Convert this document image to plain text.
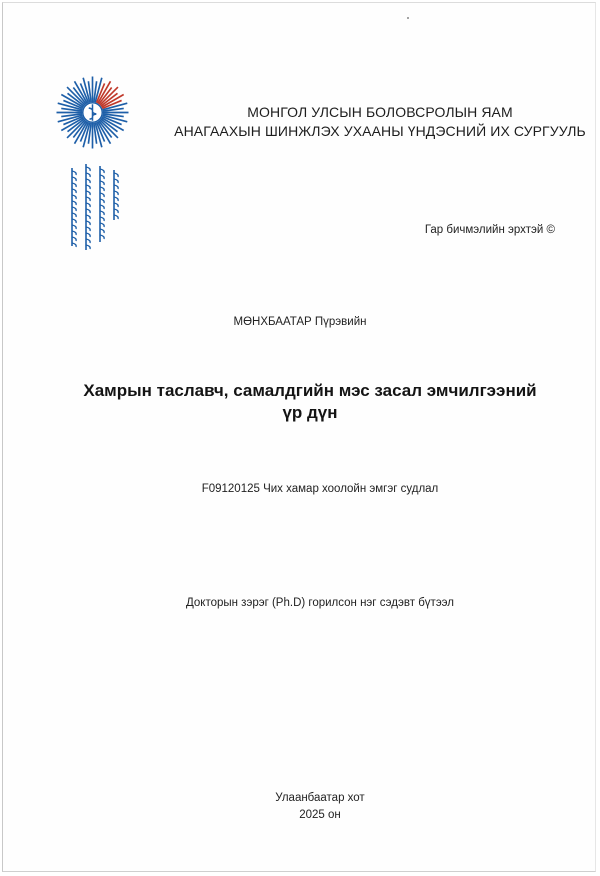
МОНГОЛ УЛСЫН БОЛОВСРОЛЫН ЯАМ
АНАГААХЫН ШИНЖЛЭХ УХААНЫ ҮНДЭСНИЙ ИХ СУРГУУЛЬ
Гар бичмэлийн эрхтэй ©
МӨНХБААТАР Пүрэвийн
Хамрын таславч, самалдгийн мэс засал эмчилгээний
үр дүн
F09120125 Чих хамар хоолойн эмгэг судлал
Докторын зэрэг (Ph.D) горилсон нэг сэдэвт бүтээл
Улаанбаатар хот
2025 он
